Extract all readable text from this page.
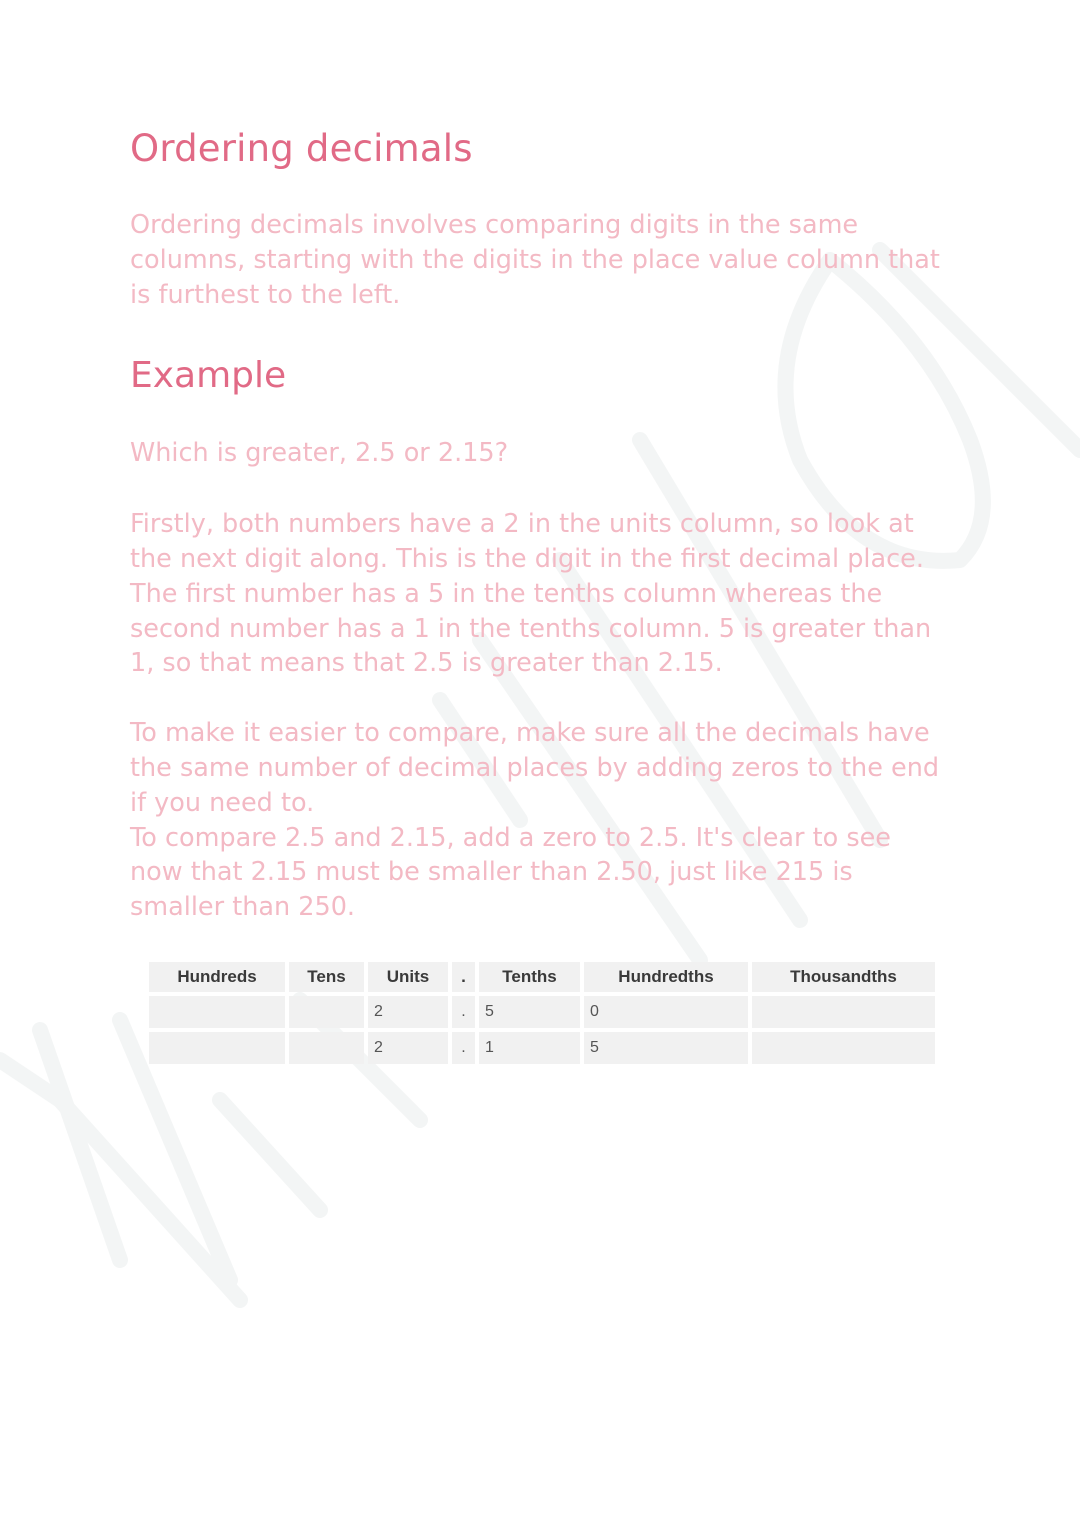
Ordering decimals

Ordering decimals involves comparing digits in the same columns, starting with the digits in the place value column that is furthest to the left.

Example

Which is greater, 2.5 or 2.15?

Firstly, both numbers have a 2 in the units column, so look at the next digit along. This is the digit in the first decimal place. The first number has a 5 in the tenths column whereas the second number has a 1 in the tenths column. 5 is greater than 1, so that means that 2.5 is greater than 2.15.

To make it easier to compare, make sure all the decimals have the same number of decimal places by adding zeros to the end if you need to.

To compare 2.5 and 2.15, add a zero to 2.5. It's clear to see now that 2.15 must be smaller than 2.50, just like 215 is smaller than 250.

Hundreds	Tens	Units	.	Tenths	Hundredths	Thousandths
		2	.	5	0	
		2	.	1	5	
